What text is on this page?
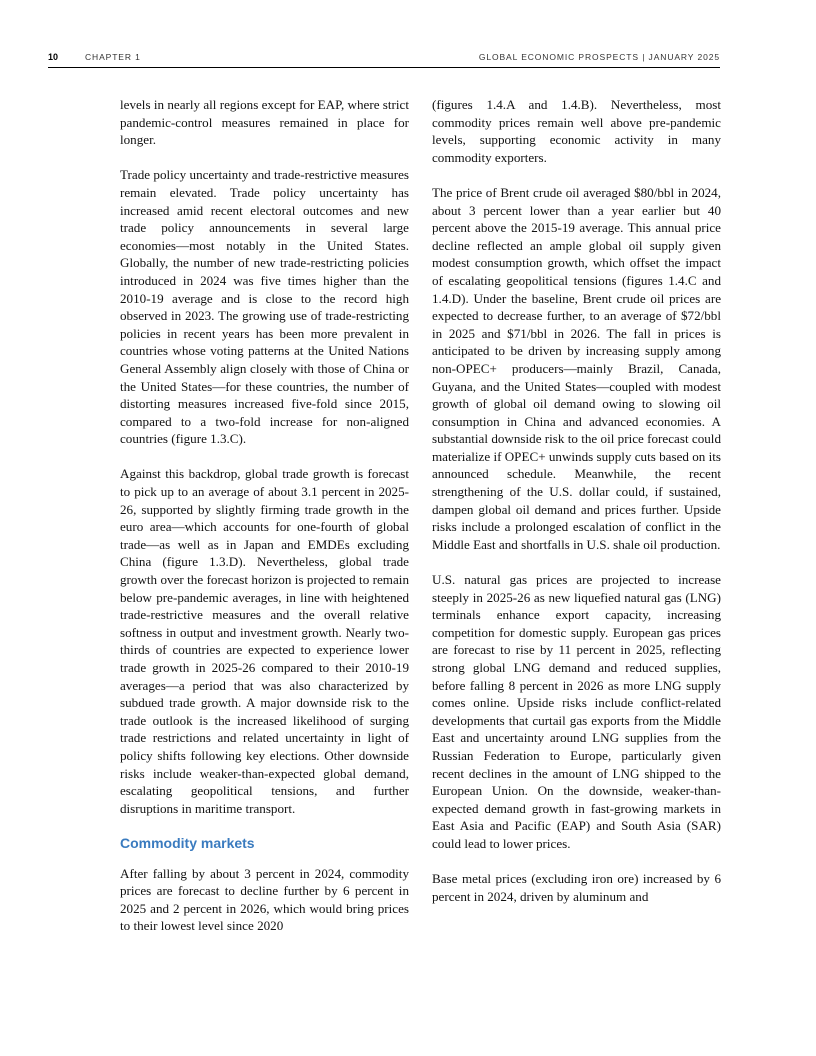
10	CHAPTER 1	GLOBAL ECONOMIC PROSPECTS | JANUARY 2025

levels in nearly all regions except for EAP, where strict pandemic-control measures remained in place for longer.

Trade policy uncertainty and trade-restrictive measures remain elevated. Trade policy uncertainty has increased amid recent electoral outcomes and new trade policy announcements in several large economies—most notably in the United States. Globally, the number of new trade-restricting policies introduced in 2024 was five times higher than the 2010-19 average and is close to the record high observed in 2023. The growing use of trade-restricting policies in recent years has been more prevalent in countries whose voting patterns at the United Nations General Assembly align closely with those of China or the United States—for these countries, the number of distorting measures increased five-fold since 2015, compared to a two-fold increase for non-aligned countries (figure 1.3.C).

Against this backdrop, global trade growth is forecast to pick up to an average of about 3.1 percent in 2025-26, supported by slightly firming trade growth in the euro area—which accounts for one-fourth of global trade—as well as in Japan and EMDEs excluding China (figure 1.3.D). Nevertheless, global trade growth over the forecast horizon is projected to remain below pre-pandemic averages, in line with heightened trade-restrictive measures and the overall relative softness in output and investment growth. Nearly two-thirds of countries are expected to experience lower trade growth in 2025-26 compared to their 2010-19 averages—a period that was also characterized by subdued trade growth. A major downside risk to the trade outlook is the increased likelihood of surging trade restrictions and related uncertainty in light of policy shifts following key elections. Other downside risks include weaker-than-expected global demand, escalating geopolitical tensions, and further disruptions in maritime transport.

Commodity markets

After falling by about 3 percent in 2024, commodity prices are forecast to decline further by 6 percent in 2025 and 2 percent in 2026, which would bring prices to their lowest level since 2020

(figures 1.4.A and 1.4.B). Nevertheless, most commodity prices remain well above pre-pandemic levels, supporting economic activity in many commodity exporters.

The price of Brent crude oil averaged $80/bbl in 2024, about 3 percent lower than a year earlier but 40 percent above the 2015-19 average. This annual price decline reflected an ample global oil supply given modest consumption growth, which offset the impact of escalating geopolitical tensions (figures 1.4.C and 1.4.D). Under the baseline, Brent crude oil prices are expected to decrease further, to an average of $72/bbl in 2025 and $71/bbl in 2026. The fall in prices is anticipated to be driven by increasing supply among non-OPEC+ producers—mainly Brazil, Canada, Guyana, and the United States—coupled with modest growth of global oil demand owing to slowing oil consumption in China and advanced economies. A substantial downside risk to the oil price forecast could materialize if OPEC+ unwinds supply cuts based on its announced schedule. Meanwhile, the recent strengthening of the U.S. dollar could, if sustained, dampen global oil demand and prices further. Upside risks include a prolonged escalation of conflict in the Middle East and shortfalls in U.S. shale oil production.

U.S. natural gas prices are projected to increase steeply in 2025-26 as new liquefied natural gas (LNG) terminals enhance export capacity, increasing competition for domestic supply. European gas prices are forecast to rise by 11 percent in 2025, reflecting strong global LNG demand and reduced supplies, before falling 8 percent in 2026 as more LNG supply comes online. Upside risks include conflict-related developments that curtail gas exports from the Middle East and uncertainty around LNG supplies from the Russian Federation to Europe, particularly given recent declines in the amount of LNG shipped to the European Union. On the downside, weaker-than-expected demand growth in fast-growing markets in East Asia and Pacific (EAP) and South Asia (SAR) could lead to lower prices.

Base metal prices (excluding iron ore) increased by 6 percent in 2024, driven by aluminum and
